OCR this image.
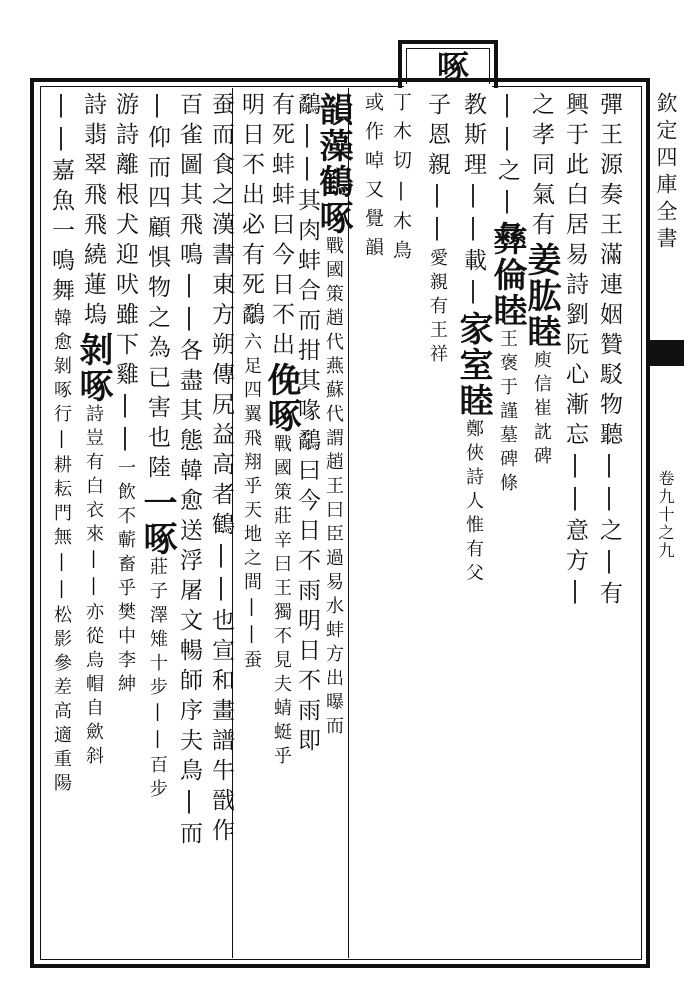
啄
欽定四庫全書
卷九十之九
彈王源奏王滿連姻贊駁物聽||之|有
興于此白居易詩劉阮心漸忘||意方|
之孝同氣有姜肱睦庾信崔訦碑
||之|彝倫睦王褒于謹墓碑條
教斯理||載|家室睦鄭俠詩人惟有父
子恩親||愛親有王祥
丁木切|木鳥
或作啅又覺韻
韻藻鶴啄戰國策趙代燕蘇代謂趙王曰臣過易水蚌方出曝而
鷸||其肉蚌合而拑其喙鷸曰今日不雨明日不雨即
有死蚌蚌曰今日不出俛啄戰國策莊辛曰王獨不見夫蜻蜓乎
明日不出必有死鷸六足四翼飛翔乎天地之間||蚕
蚕而食之漢書東方朔傳尻益高者鶴||也宣和畫譜牛戩作
百雀圖其飛鳴||各盡其態韓愈送浮屠文暢師序夫鳥|而
|仰而四顧惧物之為已害也陸一啄莊子澤雉十步||百步
游詩離根犬迎吠雖下雞||一飲不蘄畜乎樊中李紳
詩翡翠飛飛繞蓮塢剝啄詩豈有白衣來||亦從烏帽自歛斜
||嘉魚一鳴舞韓愈剝啄行|耕耘門無||松影參差高適重陽
